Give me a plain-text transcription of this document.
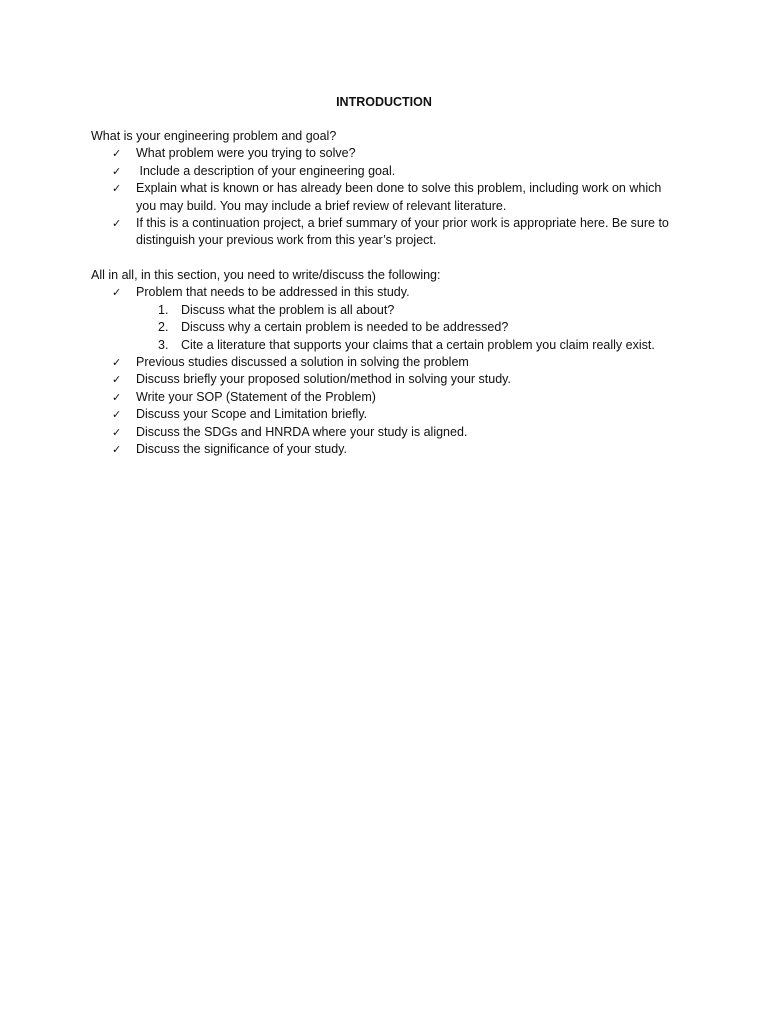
INTRODUCTION

What is your engineering problem and goal?

✓ What problem were you trying to solve?
✓ Include a description of your engineering goal.
✓ Explain what is known or has already been done to solve this problem, including work on which you may build. You may include a brief review of relevant literature.
✓ If this is a continuation project, a brief summary of your prior work is appropriate here. Be sure to distinguish your previous work from this year’s project.

All in all, in this section, you need to write/discuss the following:

✓ Problem that needs to be addressed in this study.
1. Discuss what the problem is all about?
2. Discuss why a certain problem is needed to be addressed?
3. Cite a literature that supports your claims that a certain problem you claim really exist.
✓ Previous studies discussed a solution in solving the problem
✓ Discuss briefly your proposed solution/method in solving your study.
✓ Write your SOP (Statement of the Problem)
✓ Discuss your Scope and Limitation briefly.
✓ Discuss the SDGs and HNRDA where your study is aligned.
✓ Discuss the significance of your study.
